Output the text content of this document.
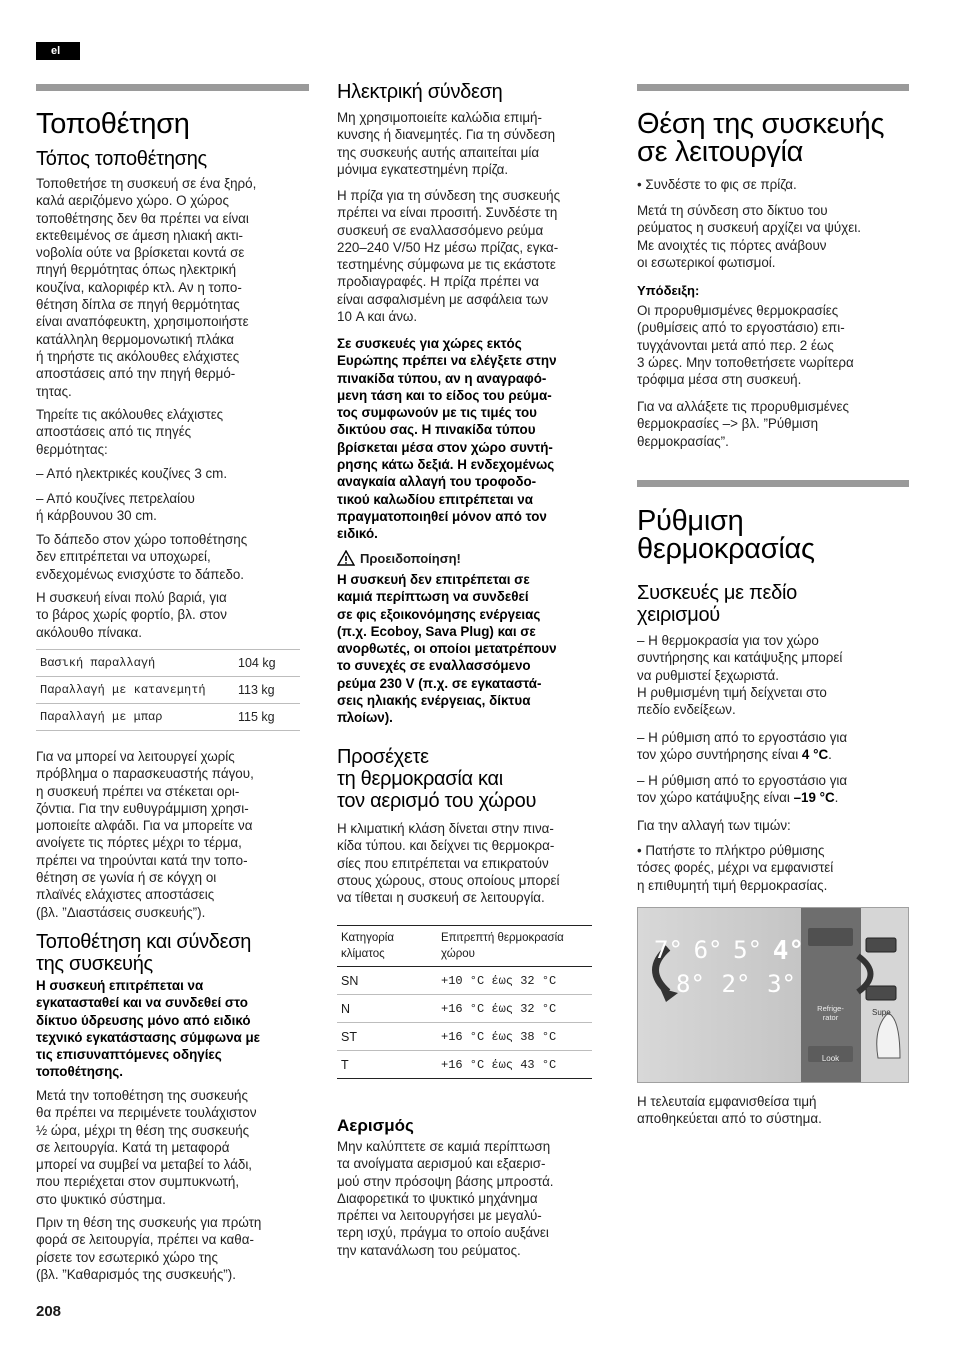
el
Τοποθέτηση
Τόπος τοποθέτησης

Τοποθετήσε τη συσκευή σε ένα ξηρό,
καλά αεριζόμενο χώρο. Ο χώρος
τοποθέτησης δεν θα πρέπει να είναι
εκτεθειμένος σε άμεση ηλιακή ακτι-
νοβολία ούτε να βρίσκεται κοντά σε
πηγή θερμότητας όπως ηλεκτρική
κουζίνα, καλοριφέρ κτλ. Αν η τοπο-
θέτηση δίπλα σε πηγή θερμότητας
είναι αναπόφευκτη, χρησιμοποιήστε
κατάλληλη θερμομονωτική πλάκα
ή τηρήστε τις ακόλουθες ελάχιστες
αποστάσεις από την πηγή θερμό-
τητας.

Τηρείτε τις ακόλουθες ελάχιστες
αποστάσεις από τις πηγές
θερμότητας:

– Από ηλεκτρικές κουζίνες 3 cm.

– Από κουζίνες πετρελαίου
ή κάρβουνου 30 cm.

Το δάπεδο στον χώρο τοποθέτησης
δεν επιτρέπεται να υποχωρεί,
ενδεχομένως ενισχύστε το δάπεδο.

Η συσκευή είναι πολύ βαριά, για
το βάρος χωρίς φορτίο, βλ. στον
ακόλουθο πίνακα.

Βασική παραλλαγή	104 kg
Παραλλαγή με κατανεμητή	113 kg
Παραλλαγή με μπαρ	115 kg

Για να μπορεί να λειτουργεί χωρίς
πρόβλημα ο παρασκευαστής πάγου,
η συσκευή πρέπει να στέκεται ορι-
ζόντια. Για την ευθυγράμμιση χρησι-
μοποιείτε αλφάδι. Για να μπορείτε να
ανοίγετε τις πόρτες μέχρι το τέρμα,
πρέπει να τηρούνται κατά την τοπο-
θέτηση σε γωνία ή σε κόγχη οι
πλαϊνές ελάχιστες αποστάσεις
(βλ. ”Διαστάσεις συσκευής”).

Τοποθέτηση και σύνδεση
της συσκευής

Η συσκευή επιτρέπεται να
εγκατασταθεί και να συνδεθεί στο
δίκτυο ύδρευσης μόνο από ειδικό
τεχνικό εγκατάστασης σύμφωνα με
τις επισυναπτόμενες οδηγίες
τοποθέτησης.

Μετά την τοποθέτηση της συσκευής
θα πρέπει να περιμένετε τουλάχιστον
½ ώρα, μέχρι τη θέση της συσκευής
σε λειτουργία. Κατά τη μεταφορά
μπορεί να συμβεί να μεταβεί το λάδι,
που περιέχεται στον συμπυκνωτή,
στο ψυκτικό σύστημα.

Πριν τη θέση της συσκευής για πρώτη
φορά σε λειτουργία, πρέπει να καθα-
ρίσετε τον εσωτερικό χώρο της
(βλ. ”Καθαρισμός της συσκευής”).

208
Ηλεκτρική σύνδεση

Μη χρησιμοποιείτε καλώδια επιμή-
κυνσης ή διανεμητές. Για τη σύνδεση
της συσκευής αυτής απαιτείται μία
μόνιμα εγκατεστημένη πρίζα.

Η πρίζα για τη σύνδεση της συσκευής
πρέπει να είναι προσιτή. Συνδέστε τη
συσκευή σε εναλλασσόμενο ρεύμα
220–240 V/50 Hz μέσω πρίζας, εγκα-
τεστημένης σύμφωνα με τις εκάστοτε
προδιαγραφές. Η πρίζα πρέπει να
είναι ασφαλισμένη με ασφάλεια των
10 A και άνω.

Σε συσκευές για χώρες εκτός
Ευρώπης πρέπει να ελέγξετε στην
πινακίδα τύπου, αν η αναγραφό-
μενη τάση και το είδος του ρεύμα-
τος συμφωνούν με τις τιμές του
δικτύου σας. Η πινακίδα τύπου
βρίσκεται μέσα στον χώρο συντή-
ρησης κάτω δεξιά. Η ενδεχομένως
αναγκαία αλλαγή του τροφοδο-
τικού καλωδίου επιτρέπεται να
πραγματοποιηθεί μόνον από τον
ειδικό.

Προειδοποίηση!

Η συσκευή δεν επιτρέπεται σε
καμιά περίπτωση να συνδεθεί
σε φις εξοικονόμησης ενέργειας
(π.χ. Ecoboy, Sava Plug) και σε
ανορθωτές, οι οποίοι μετατρέπουν
το συνεχές σε εναλλασσόμενο
ρεύμα 230 V (π.χ. σε εγκαταστά-
σεις ηλιακής ενέργειας, δίκτυα
πλοίων).

Προσέχετε
τη θερμοκρασία και
τον αερισμό του χώρου

Η κλιματική κλάση δίνεται στην πινα-
κίδα τύπου. και δείχνει τις θερμοκρα-
σίες που επιτρέπεται να επικρατούν
στους χώρους, στους οποίους μπορεί
να τίθεται η συσκευή σε λειτουργία.

Κατηγορία
κλίματος	Επιτρεπτή θερμοκρασία
χώρου
SN	+10 °C έως 32 °C
N	+16 °C έως 32 °C
ST	+16 °C έως 38 °C
T	+16 °C έως 43 °C
Αερισμός

Μην καλύπτετε σε καμιά περίπτωση
τα ανοίγματα αερισμού και εξαερισ-
μού στην πρόσοψη βάσης μπροστά.
Διαφορετικά το ψυκτικό μηχάνημα
πρέπει να λειτουργήσει με μεγαλύ-
τερη ισχύ, πράγμα το οποίο αυξάνει
την κατανάλωση του ρεύματος.

Θέση της συσκευής
σε λειτουργία

• Συνδέστε το φις σε πρίζα.

Μετά τη σύνδεση στο δίκτυο του
ρεύματος η συσκευή αρχίζει να ψύχει.
Με ανοιχτές τις πόρτες ανάβουν
οι εσωτερικοί φωτισμοί.

Υπόδειξη:

Οι προρυθμισμένες θερμοκρασίες
(ρυθμίσεις από το εργοστάσιο) επι-
τυγχάνονται μετά από περ. 2 έως
3 ώρες. Μην τοποθετήσετε νωρίτερα
τρόφιμα μέσα στη συσκευή.

Για να αλλάξετε τις προρυθμισμένες
θερμοκρασίες –> βλ. ”Ρύθμιση
θερμοκρασίας”.

Ρύθμιση
θερμοκρασίας
Συσκευές με πεδίο
χειρισμού

– Η θερμοκρασία για τον χώρο
συντήρησης και κατάψυξης μπορεί
να ρυθμιστεί ξεχωριστά.
Η ρυθμισμένη τιμή δείχνεται στο
πεδίο ενδείξεων.

– Η ρύθμιση από το εργοστάσιο για
τον χώρο συντήρησης είναι 4 °C.

– Η ρύθμιση από το εργοστάσιο για
τον χώρο κατάψυξης είναι –19 °C.

Για την αλλαγή των τιμών:

• Πατήστε το πλήκτρο ρύθμισης
τόσες φορές, μέχρι να εμφανιστεί
η επιθυμητή τιμή θερμοκρασίας.

7° 6° 5° 4°
8° 2° 3°
Refrige-
rator
Look
Supe

Η τελευταία εμφανισθείσα τιμή
αποθηκεύεται από το σύστημα.
